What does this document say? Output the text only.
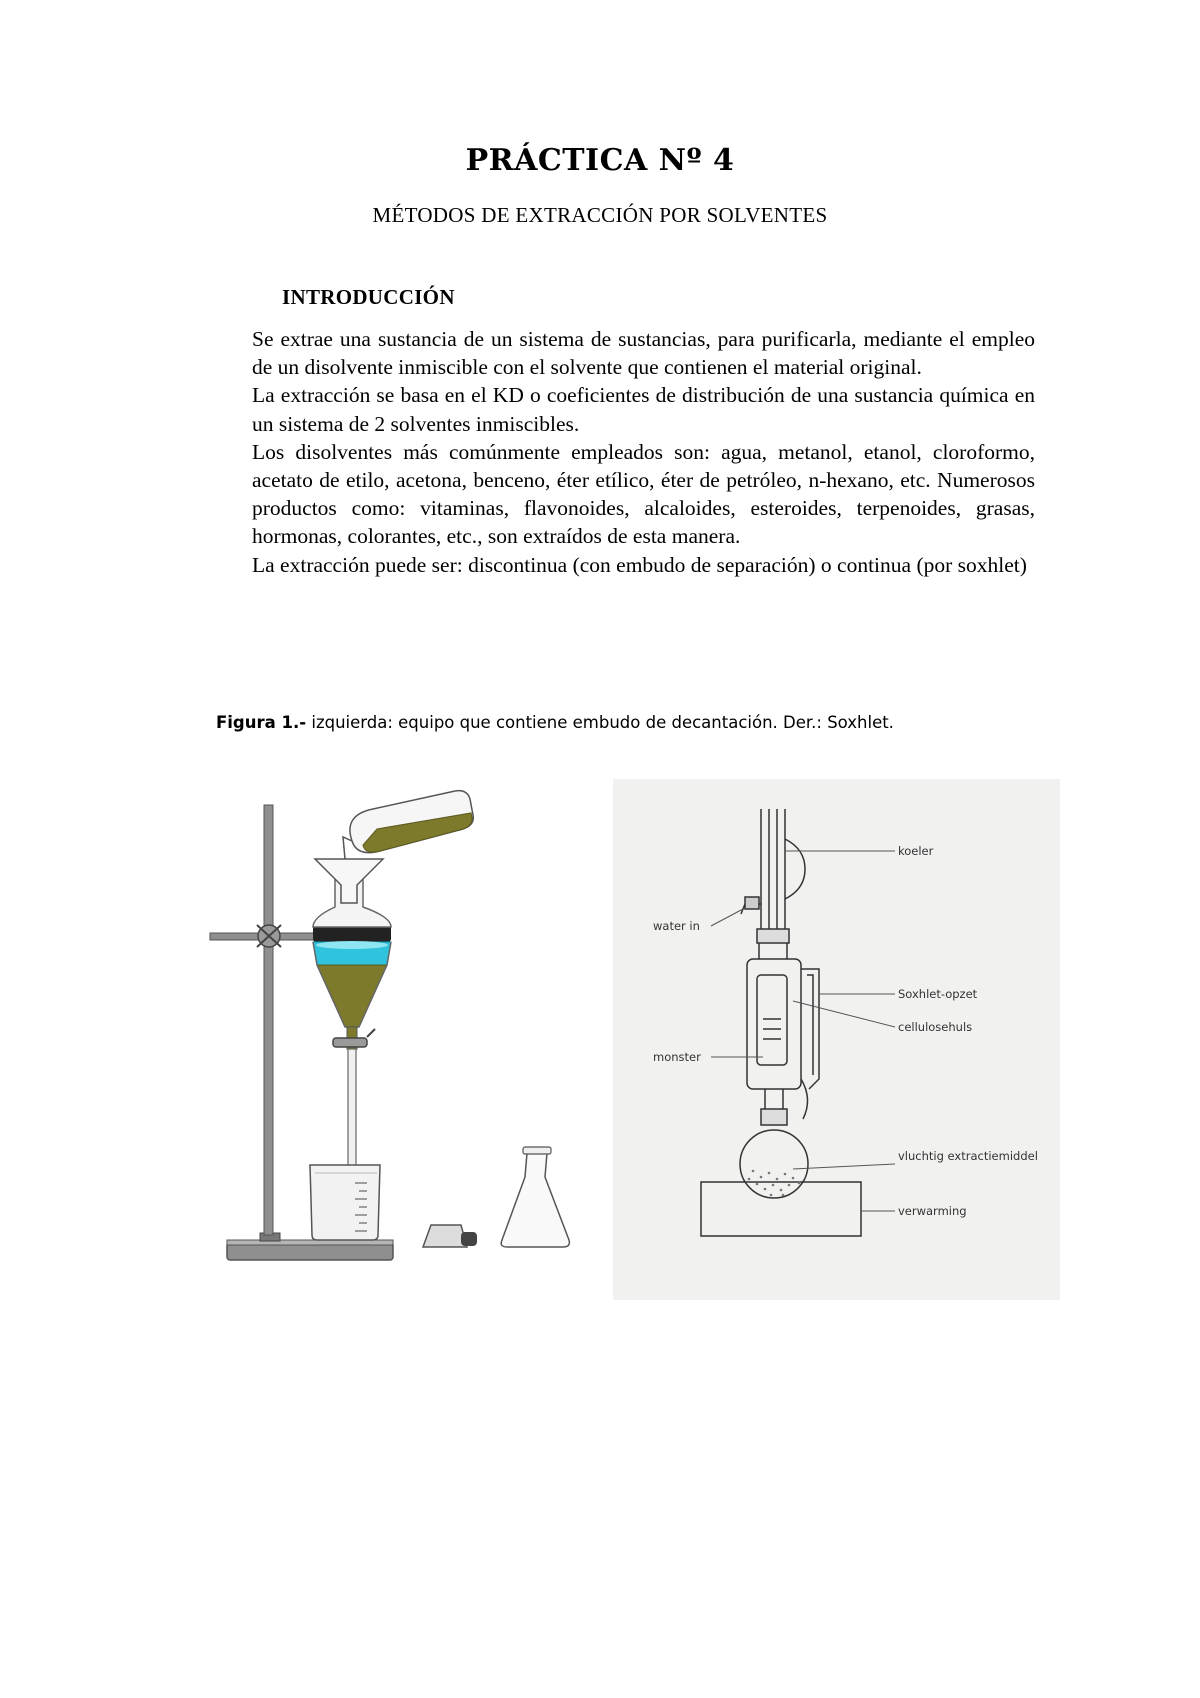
PRÁCTICA Nº 4
MÉTODOS DE EXTRACCIÓN POR SOLVENTES
INTRODUCCIÓN

Se extrae una sustancia de un sistema de sustancias, para purificarla, mediante el empleo de un disolvente inmiscible con el solvente que contienen el material original.

La extracción se basa en el KD o coeficientes de distribución de una sustancia química en un sistema de 2 solventes inmiscibles.

Los disolventes más comúnmente empleados son: agua, metanol, etanol, cloroformo, acetato de etilo, acetona, benceno, éter etílico, éter de petróleo, n-hexano, etc. Numerosos productos como: vitaminas, flavonoides, alcaloides, esteroides, terpenoides, grasas, hormonas, colorantes, etc., son extraídos de esta manera.

La extracción puede ser: discontinua (con embudo de separación) o continua (por soxhlet)

Figura 1.- izquierda: equipo que contiene embudo de decantación. Der.: Soxhlet.
koeler
water in
Soxhlet-opzet
cellulosehuls
monster
vluchtig extractiemiddel
verwarming
